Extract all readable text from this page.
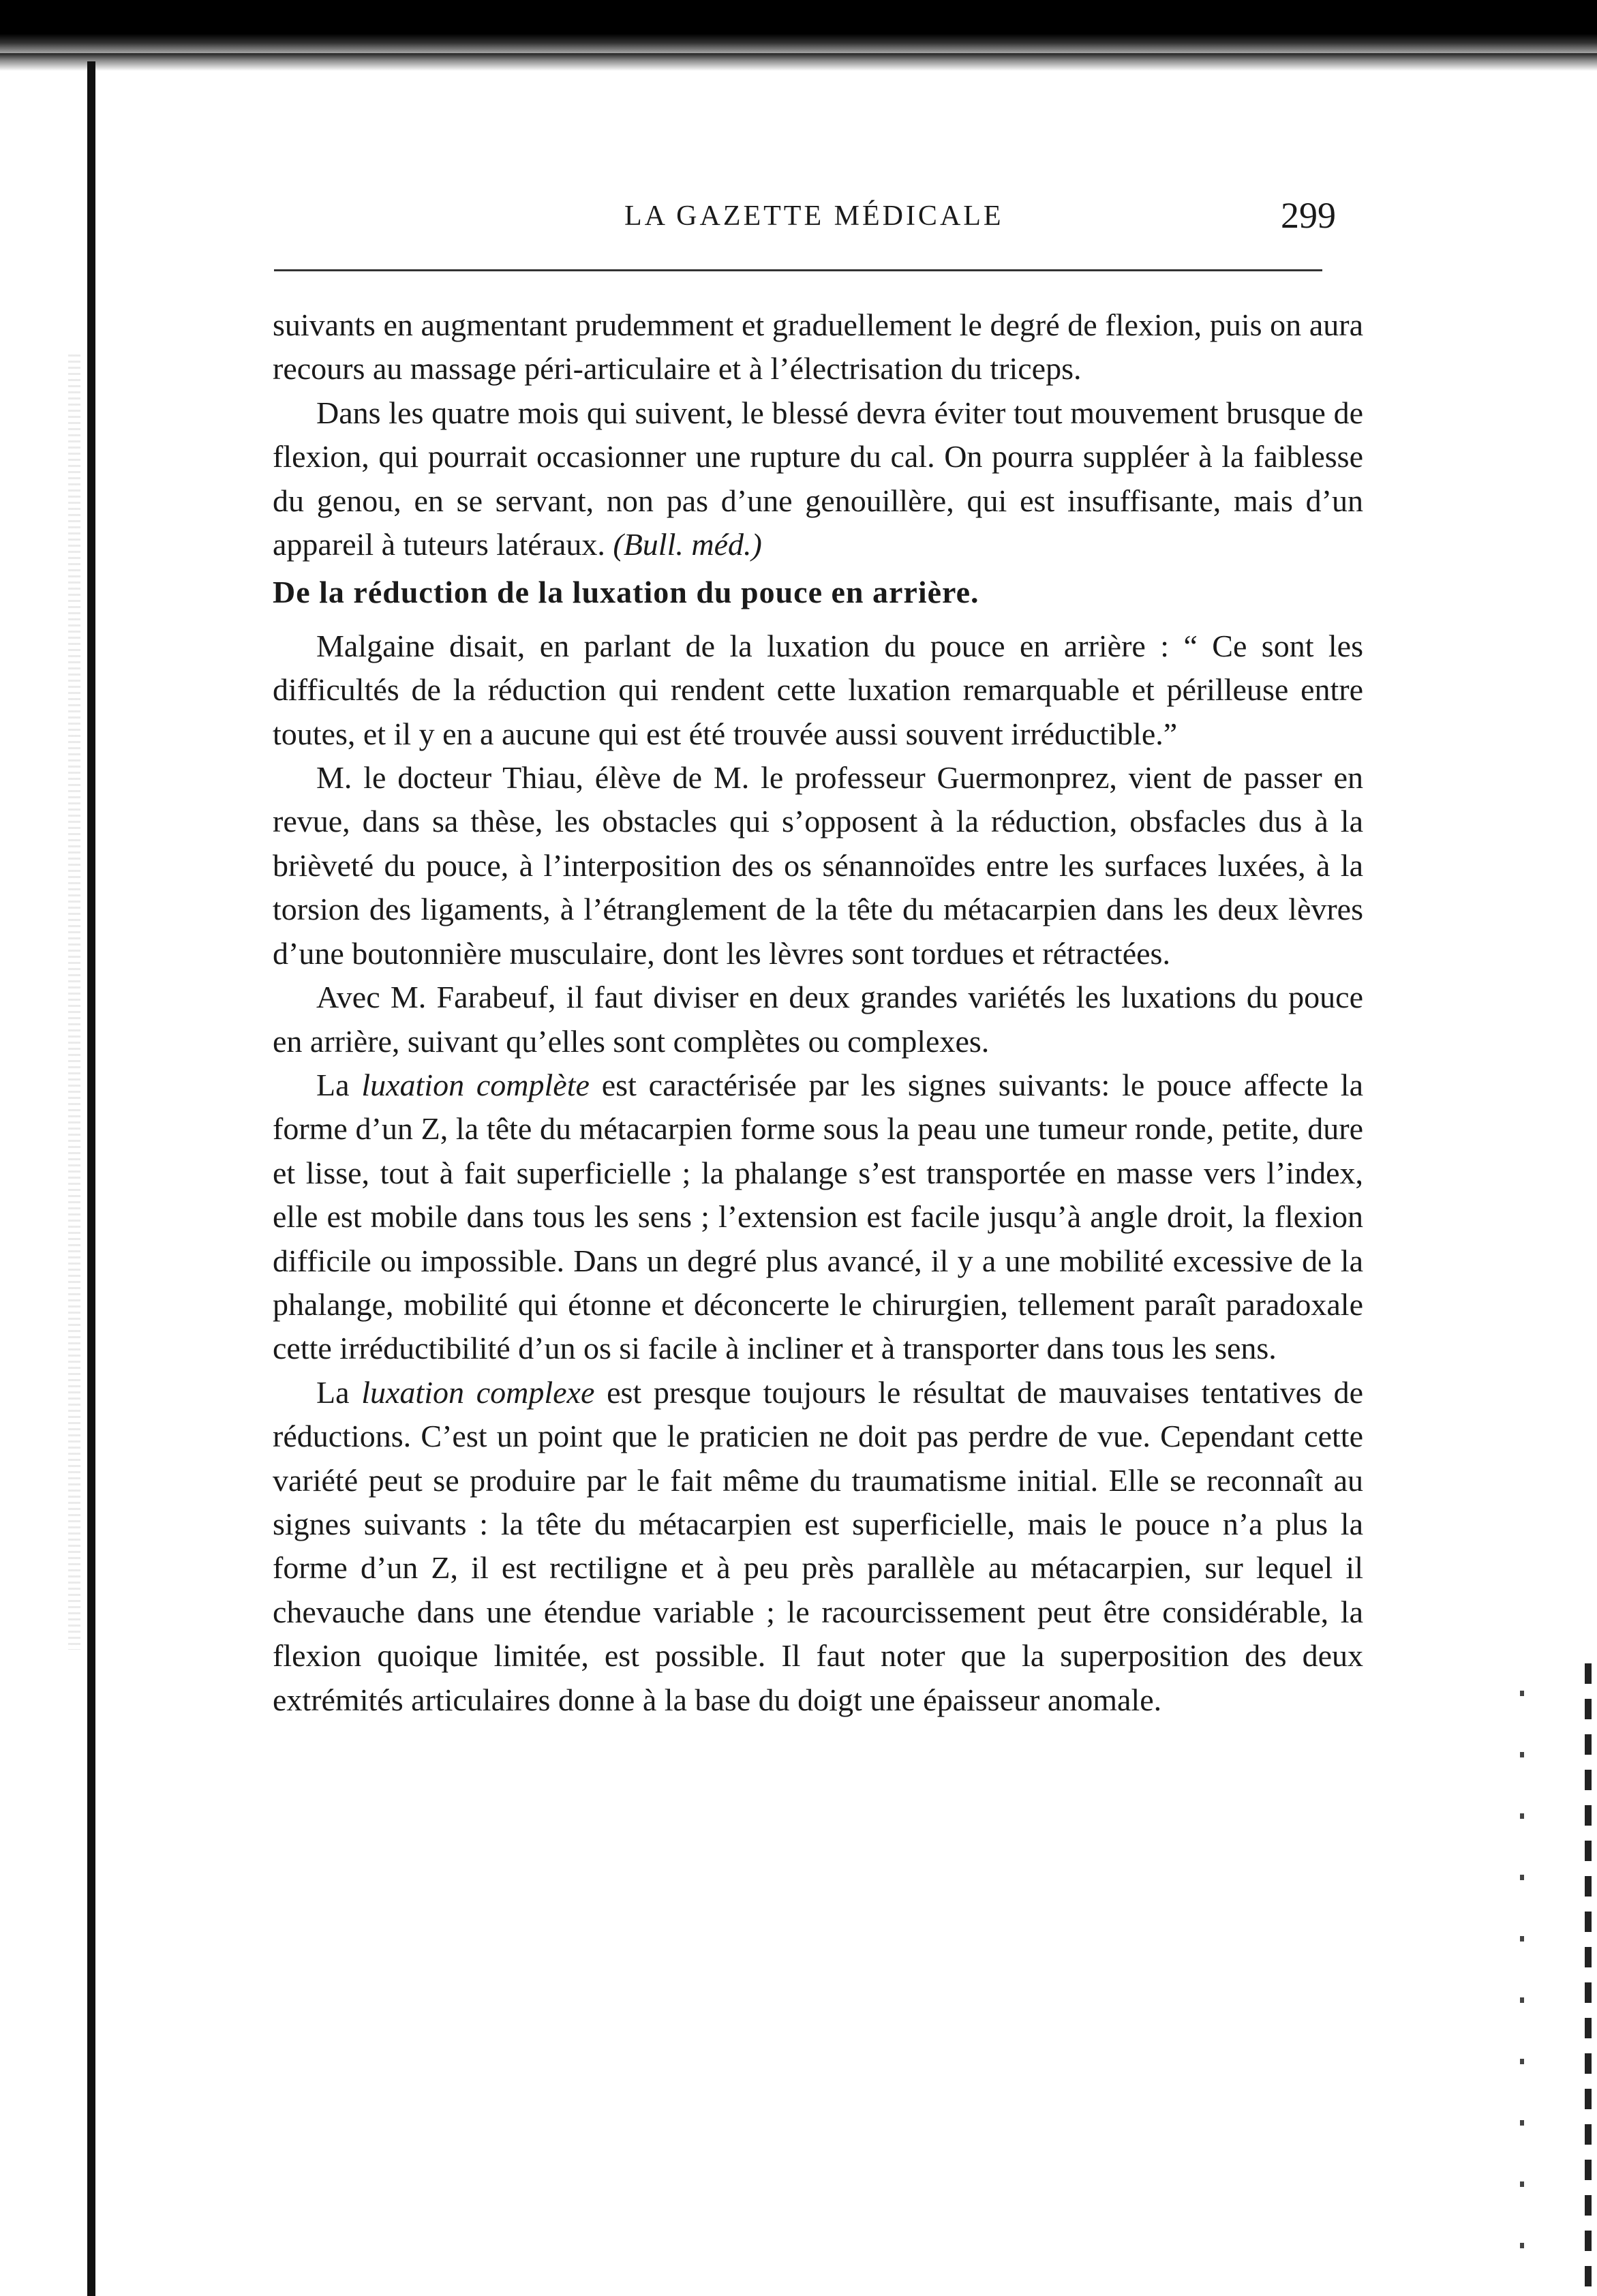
LA GAZETTE MÉDICALE	299

suivants en augmentant prudemment et graduellement le degré de flexion, puis on aura recours au massage péri-articulaire et à l’électrisation du triceps.

Dans les quatre mois qui suivent, le blessé devra éviter tout mouvement brusque de flexion, qui pourrait occasionner une rupture du cal. On pourra suppléer à la faiblesse du genou, en se servant, non pas d’une genouillère, qui est insuffisante, mais d’un appareil à tuteurs latéraux. (Bull. méd.)

De la réduction de la luxation du pouce en arrière.

Malgaine disait, en parlant de la luxation du pouce en arrière : “ Ce sont les difficultés de la réduction qui rendent cette luxation remarquable et périlleuse entre toutes, et il y en a aucune qui est été trouvée aussi souvent irréductible.”

M. le docteur Thiau, élève de M. le professeur Guermonprez, vient de passer en revue, dans sa thèse, les obstacles qui s’opposent à la réduction, obsfacles dus à la brièveté du pouce, à l’interposition des os sénannoïdes entre les surfaces luxées, à la torsion des ligaments, à l’étranglement de la tête du métacarpien dans les deux lèvres d’une boutonnière musculaire, dont les lèvres sont tordues et rétractées.

Avec M. Farabeuf, il faut diviser en deux grandes variétés les luxations du pouce en arrière, suivant qu’elles sont complètes ou complexes.

La luxation complète est caractérisée par les signes suivants: le pouce affecte la forme d’un Z, la tête du métacarpien forme sous la peau une tumeur ronde, petite, dure et lisse, tout à fait superficielle ; la phalange s’est transportée en masse vers l’index, elle est mobile dans tous les sens ; l’extension est facile jusqu’à angle droit, la flexion difficile ou impossible. Dans un degré plus avancé, il y a une mobilité excessive de la phalange, mobilité qui étonne et déconcerte le chirurgien, tellement paraît paradoxale cette irréductibilité d’un os si facile à incliner et à transporter dans tous les sens.

La luxation complexe est presque toujours le résultat de mauvaises tentatives de réductions. C’est un point que le praticien ne doit pas perdre de vue. Cependant cette variété peut se produire par le fait même du traumatisme initial. Elle se reconnaît au signes suivants : la tête du métacarpien est superficielle, mais le pouce n’a plus la forme d’un Z, il est rectiligne et à peu près parallèle au métacarpien, sur lequel il chevauche dans une étendue variable ; le racourcissement peut être considérable, la flexion quoique limitée, est possible. Il faut noter que la superposition des deux extrémités articulaires donne à la base du doigt une épaisseur anomale.
